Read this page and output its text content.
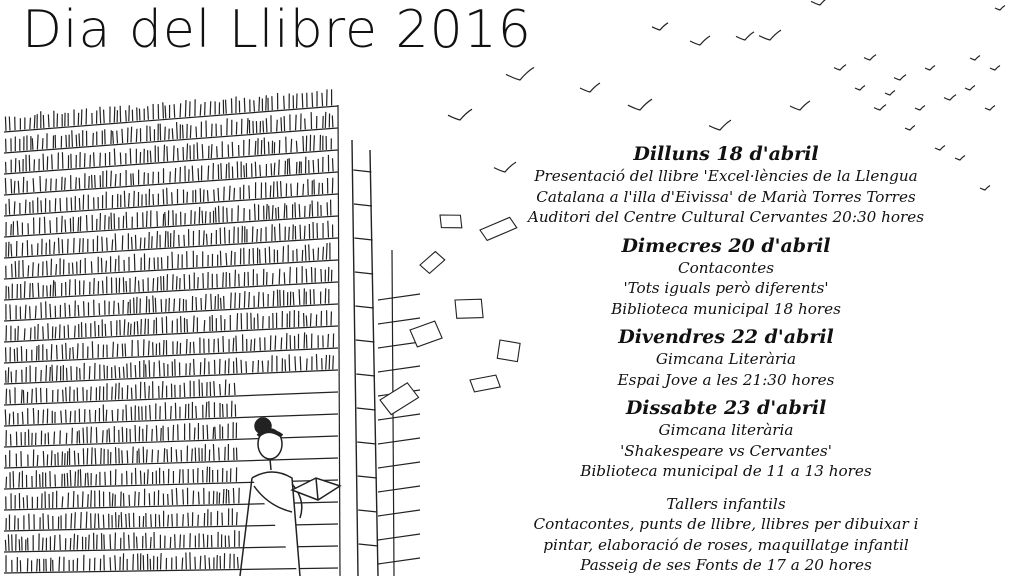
Dia del Llibre 2016
Dilluns 18 d'abril
Presentació del llibre 'Excel·lències de la Llengua
Catalana a l'illa d'Eivissa' de Marià Torres Torres
Auditori del Centre Cultural Cervantes 20:30 hores
Dimecres 20 d'abril
Contacontes
'Tots iguals però diferents'
Biblioteca municipal 18 hores
Divendres 22 d'abril
Gimcana Literària
Espai Jove a les 21:30 hores
Dissabte 23 d'abril
Gimcana literària
'Shakespeare vs Cervantes'
Biblioteca municipal de 11 a 13 hores
Tallers infantils
Contacontes, punts de llibre, llibres per dibuixar i
pintar, elaboració de roses, maquillatge infantil
Passeig de ses Fonts de 17 a 20 hores
